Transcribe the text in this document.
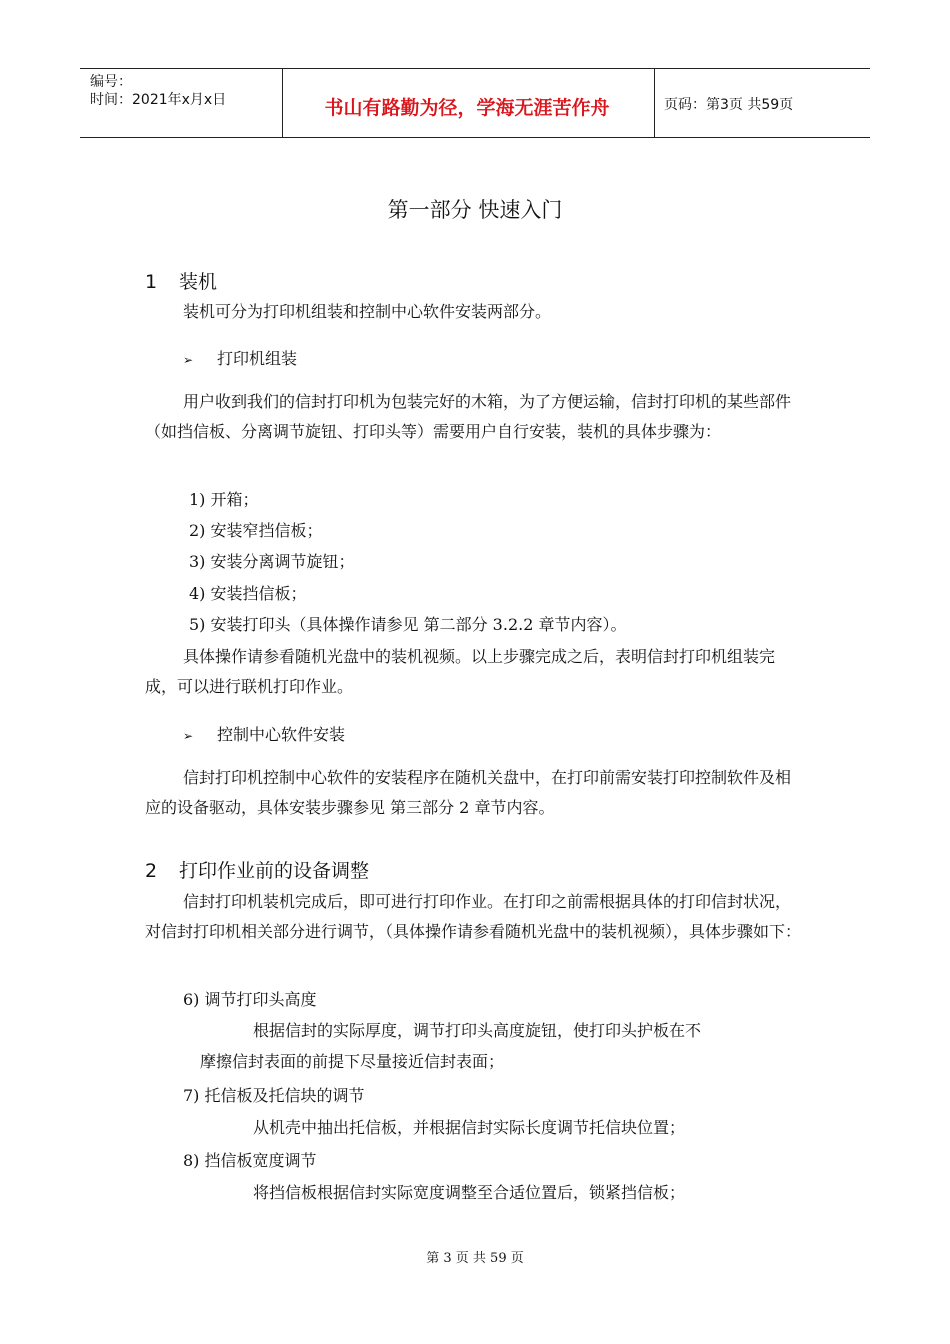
编号：
时间：2021年x月x日	书山有路勤为径，学海无涯苦作舟	页码：第3页 共59页
第一部分 快速入门
1 装机

装机可分为打印机组装和控制中心软件安装两部分。

➢ 打印机组装

用户收到我们的信封打印机为包装完好的木箱，为了方便运输，信封打印机的某些部件（如挡信板、分离调节旋钮、打印头等）需要用户自行安装，装机的具体步骤为：

1) 开箱；
2) 安装窄挡信板；
3) 安装分离调节旋钮；
4) 安装挡信板；
5) 安装打印头（具体操作请参见 第二部分 3.2.2 章节内容）。

具体操作请参看随机光盘中的装机视频。以上步骤完成之后，表明信封打印机组装完成，可以进行联机打印作业。

➢ 控制中心软件安装

信封打印机控制中心软件的安装程序在随机关盘中，在打印前需安装打印控制软件及相应的设备驱动，具体安装步骤参见 第三部分 2 章节内容。

2 打印作业前的设备调整

信封打印机装机完成后，即可进行打印作业。在打印之前需根据具体的打印信封状况，对信封打印机相关部分进行调节，（具体操作请参看随机光盘中的装机视频），具体步骤如下：

6) 调节打印头高度
根据信封的实际厚度，调节打印头高度旋钮，使打印头护板在不
摩擦信封表面的前提下尽量接近信封表面；
7) 托信板及托信块的调节
从机壳中抽出托信板，并根据信封实际长度调节托信块位置；
8) 挡信板宽度调节
将挡信板根据信封实际宽度调整至合适位置后，锁紧挡信板；
第 3 页 共 59 页
